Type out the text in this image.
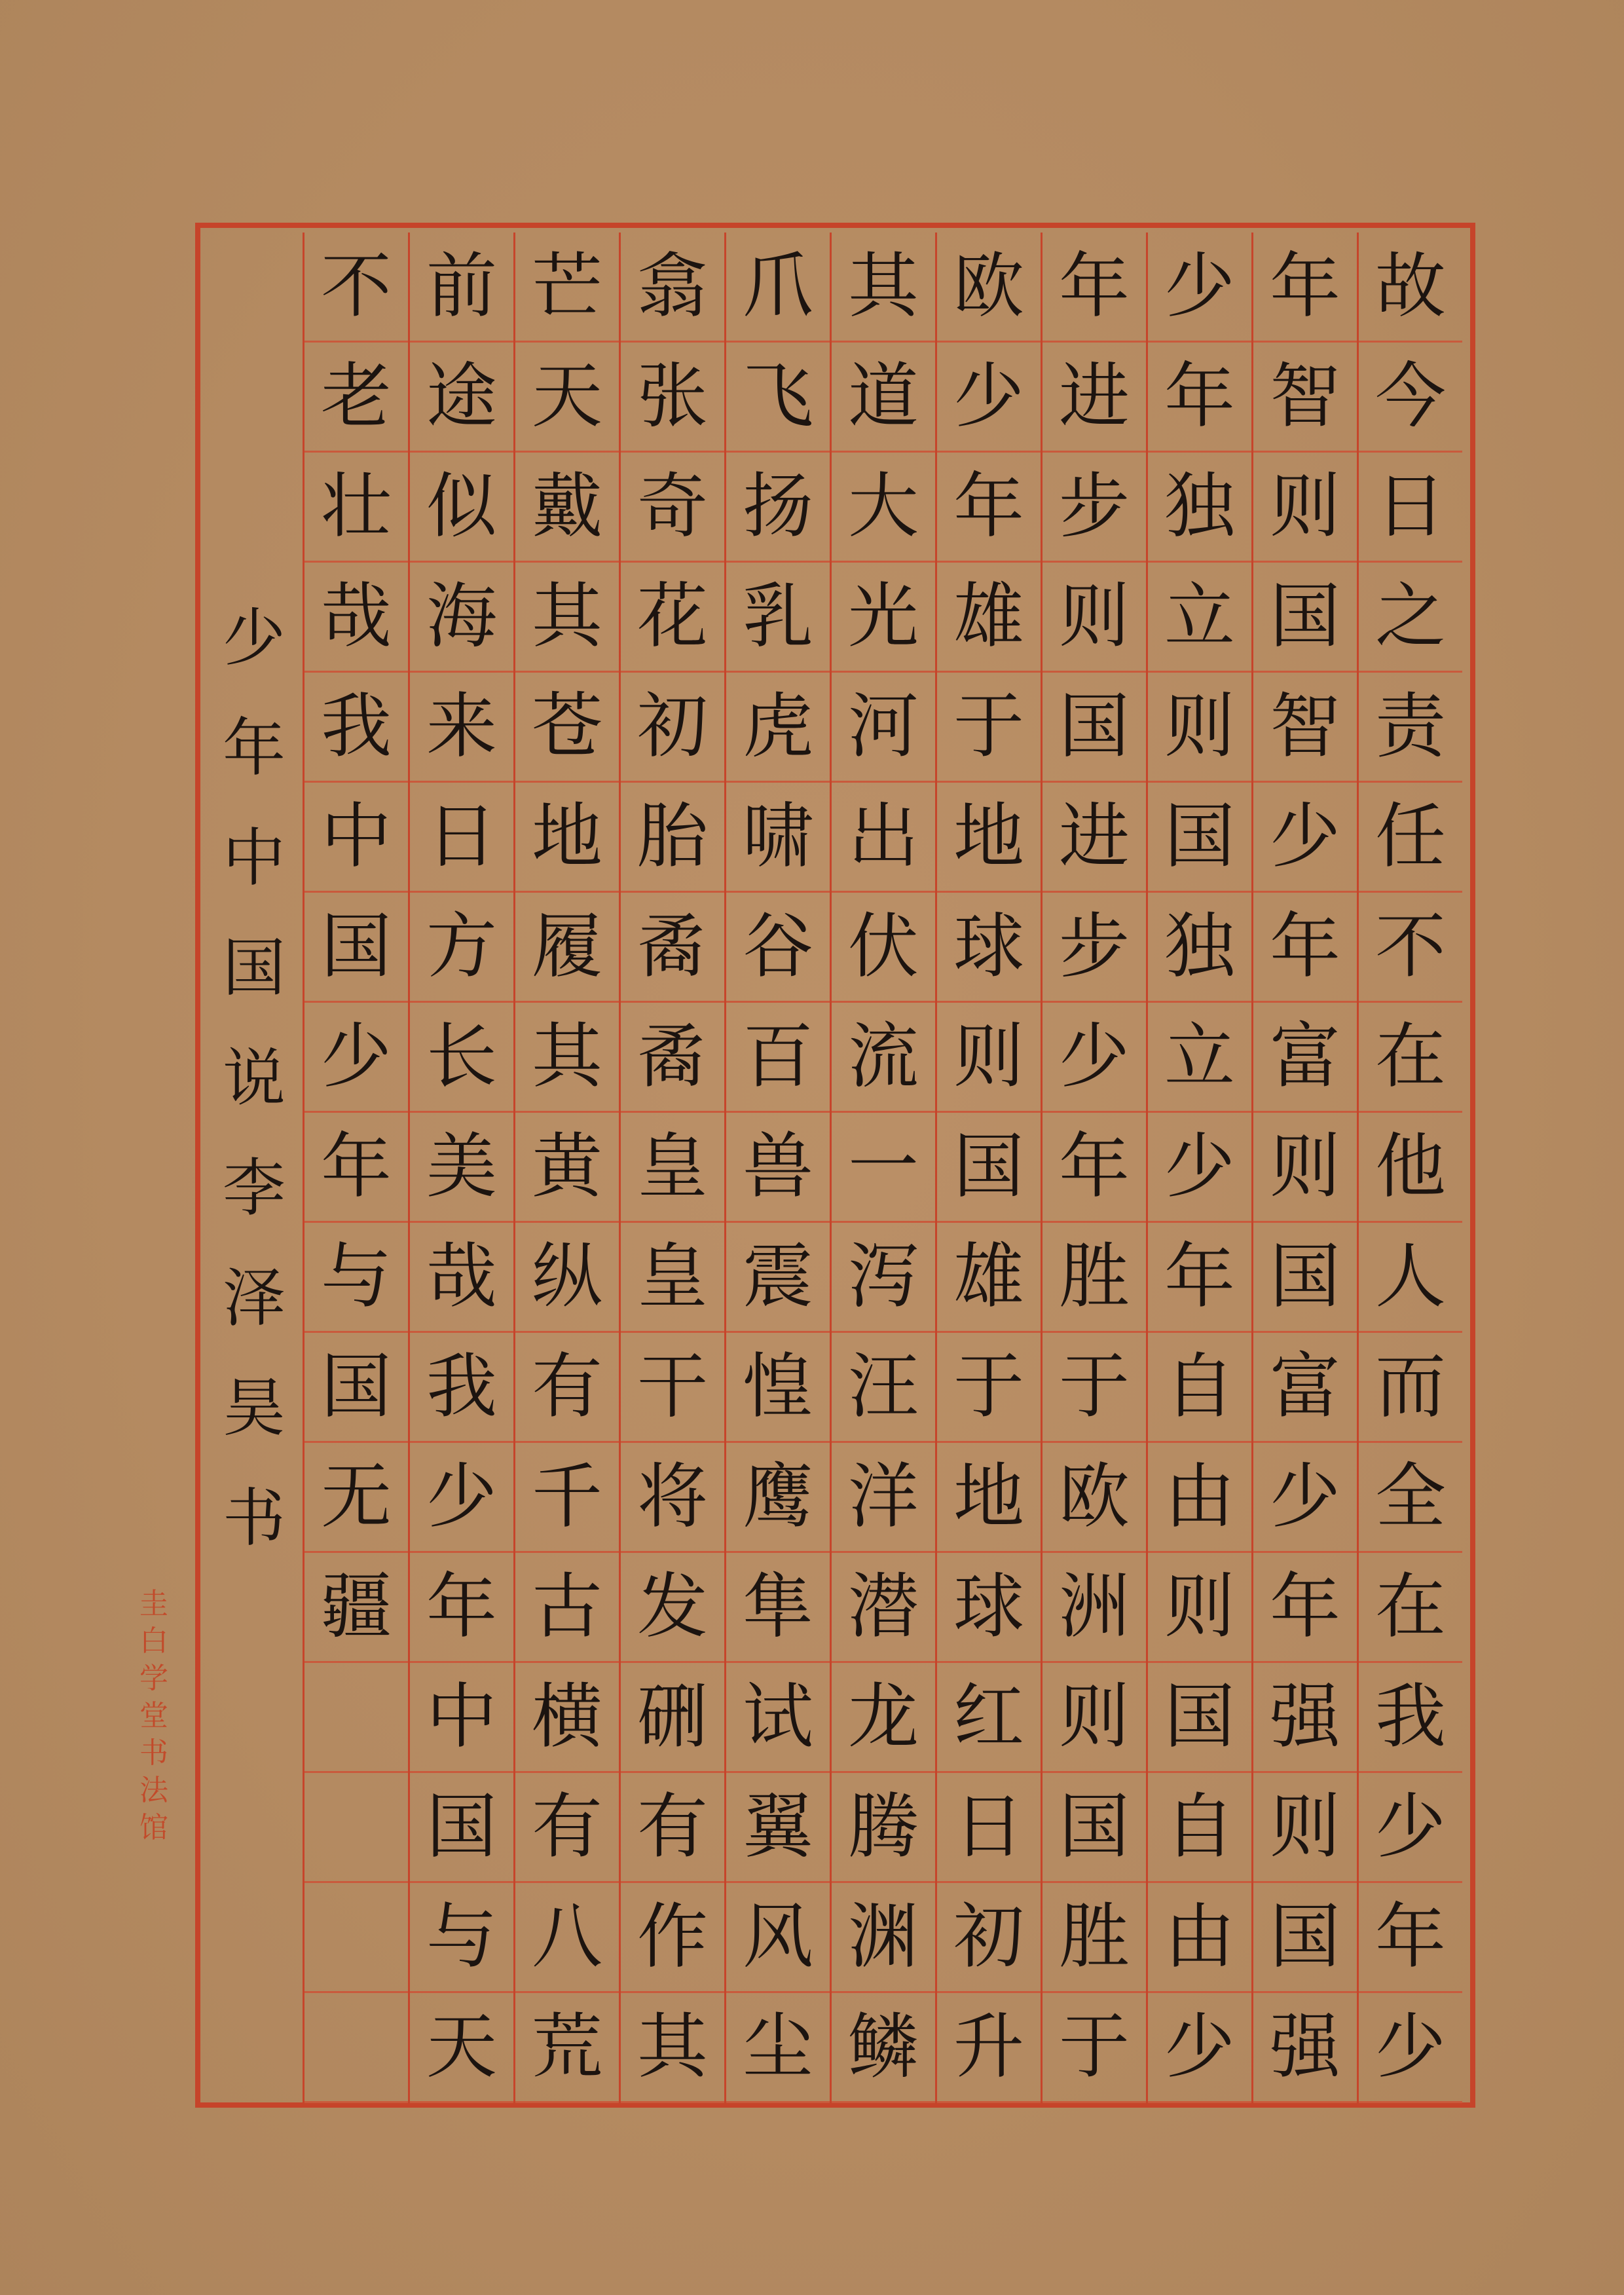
故
今
日
之
责
任
不
在
他
人
而
全
在
我
少
年
少
年
智
则
国
智
少
年
富
则
国
富
少
年
强
则
国
强
少
年
独
立
则
国
独
立
少
年
自
由
则
国
自
由
少
年
进
步
则
国
进
步
少
年
胜
于
欧
洲
则
国
胜
于
欧
少
年
雄
于
地
球
则
国
雄
于
地
球
红
日
初
升
其
道
大
光
河
出
伏
流
一
泻
汪
洋
潜
龙
腾
渊
鳞
爪
飞
扬
乳
虎
啸
谷
百
兽
震
惶
鹰
隼
试
翼
风
尘
翕
张
奇
花
初
胎
矞
矞
皇
皇
干
将
发
硎
有
作
其
芒
天
戴
其
苍
地
履
其
黄
纵
有
千
古
横
有
八
荒
前
途
似
海
来
日
方
长
美
哉
我
少
年
中
国
与
天
不
老
壮
哉
我
中
国
少
年
与
国
无
疆
少
年
中
国
说
李
泽
昊
书
圭
白
学
堂
书
法
馆
